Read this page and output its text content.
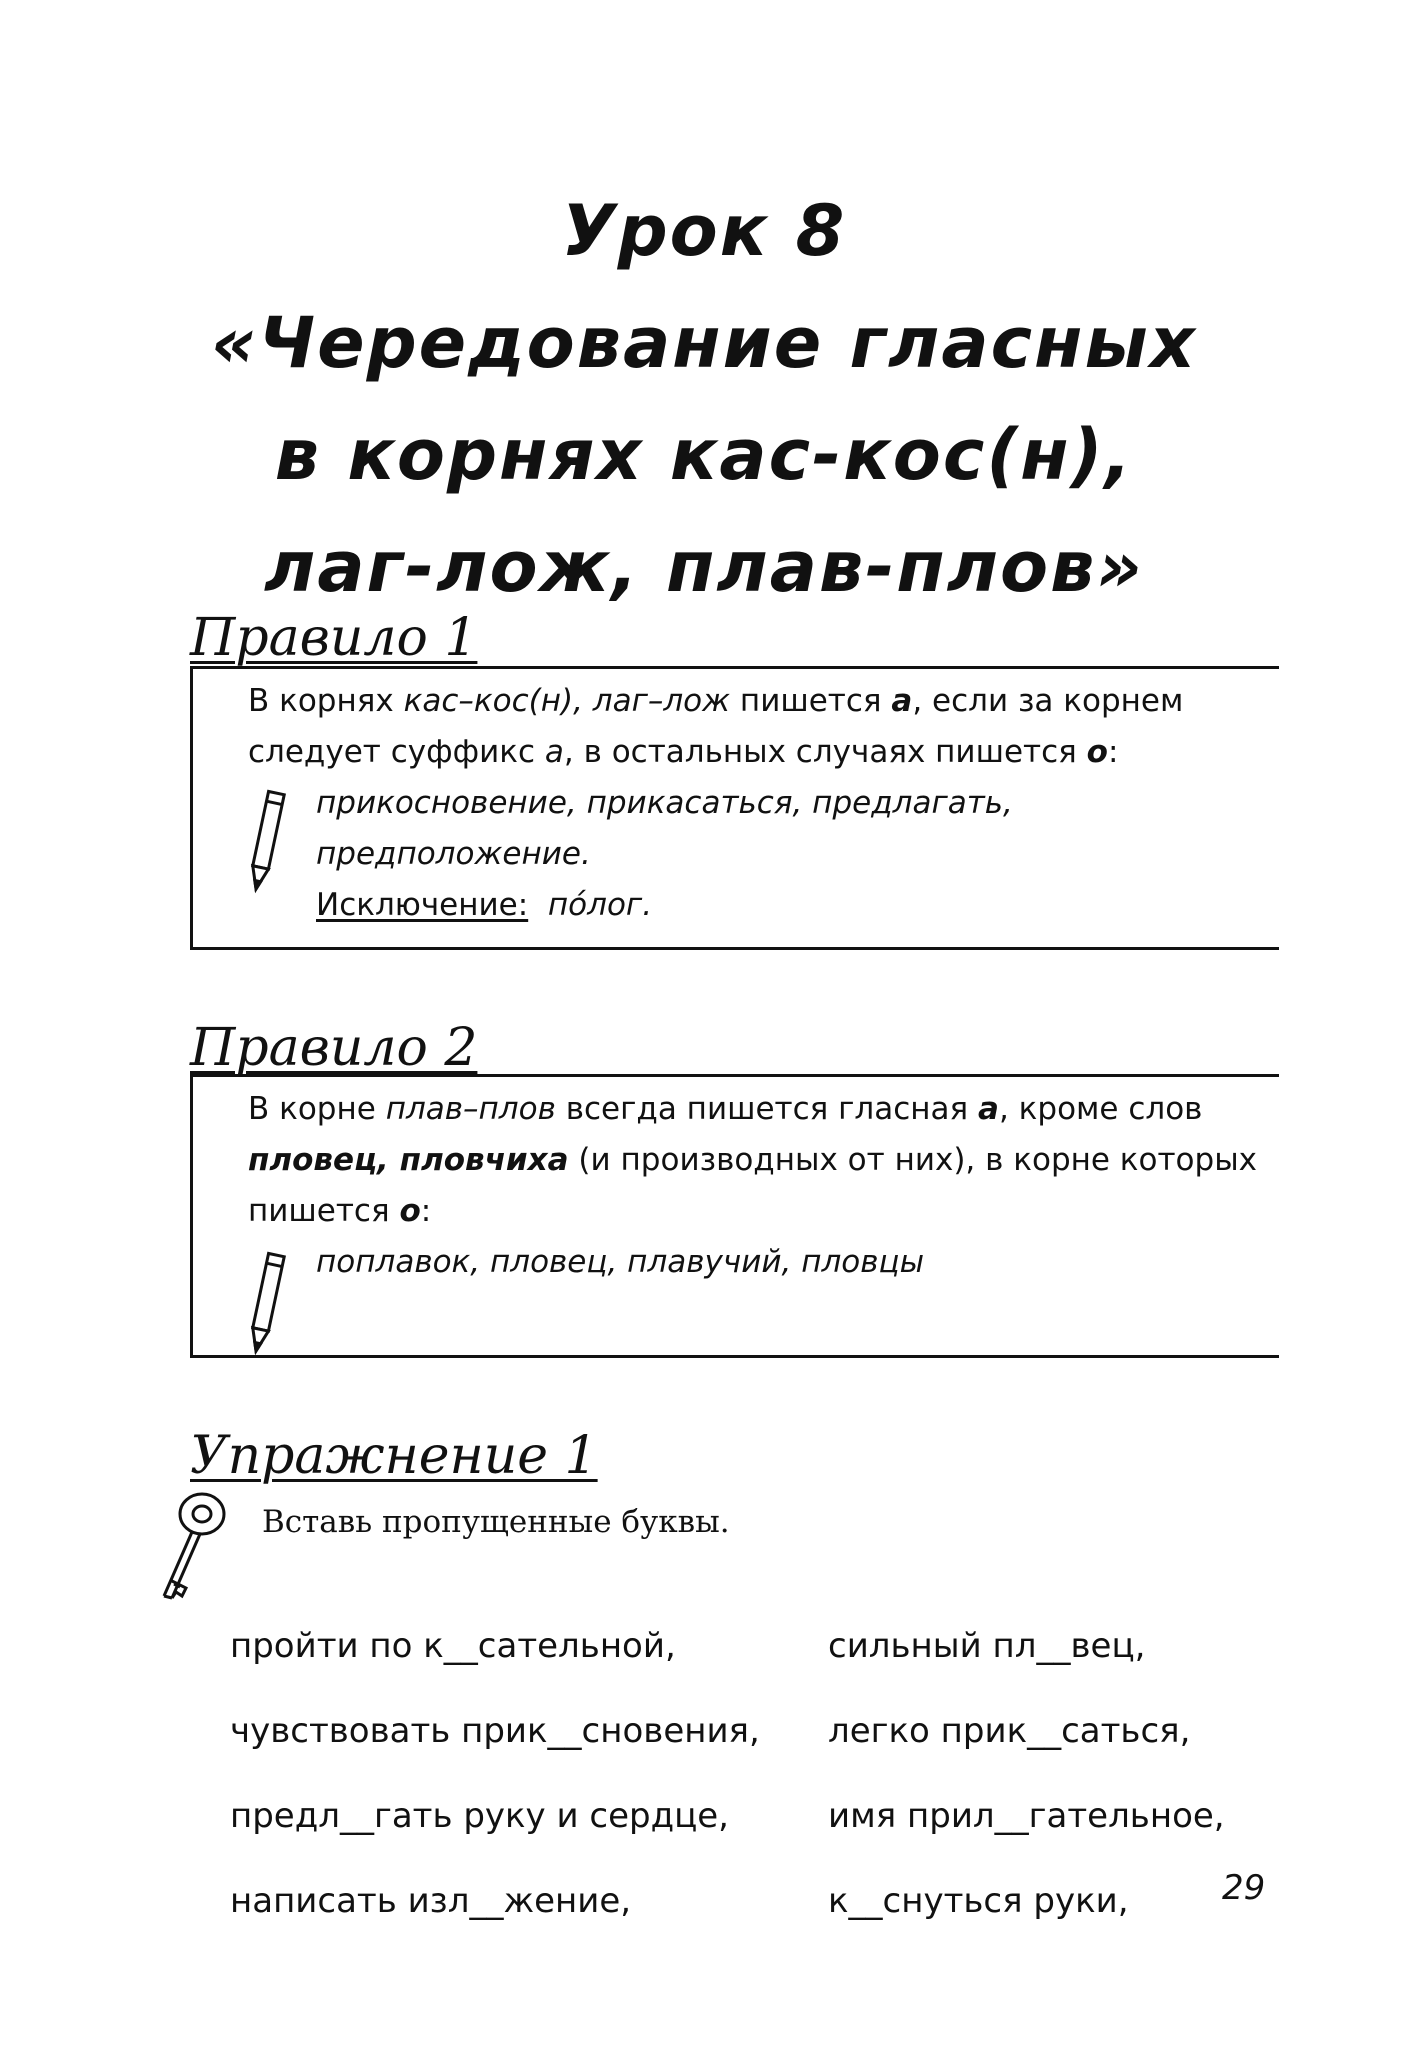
Урок 8
«Чередование гласных
в корнях кас-кос(н),
лаг-лож, плав-плов»
Правило 1
В корнях кас–кос(н), лаг–лож пишется а, если за корнем
следует суффикс а, в остальных случаях пишется о:
прикосновение, прикасаться, предлагать,
предположение.
Исключение: по́лог.
Правило 2
В корне плав–плов всегда пишется гласная а, кроме слов
пловец, пловчиха (и производных от них), в корне которых
пишется о:
поплавок, пловец, плавучий, пловцы
Упражнение 1
Вставь пропущенные буквы.
пройти по к__сательной,
чувствовать прик__сновения,
предл__гать руку и сердце,
написать изл__жение,
сильный пл__вец,
легко прик__саться,
имя прил__гательное,
к__снуться руки,	29
